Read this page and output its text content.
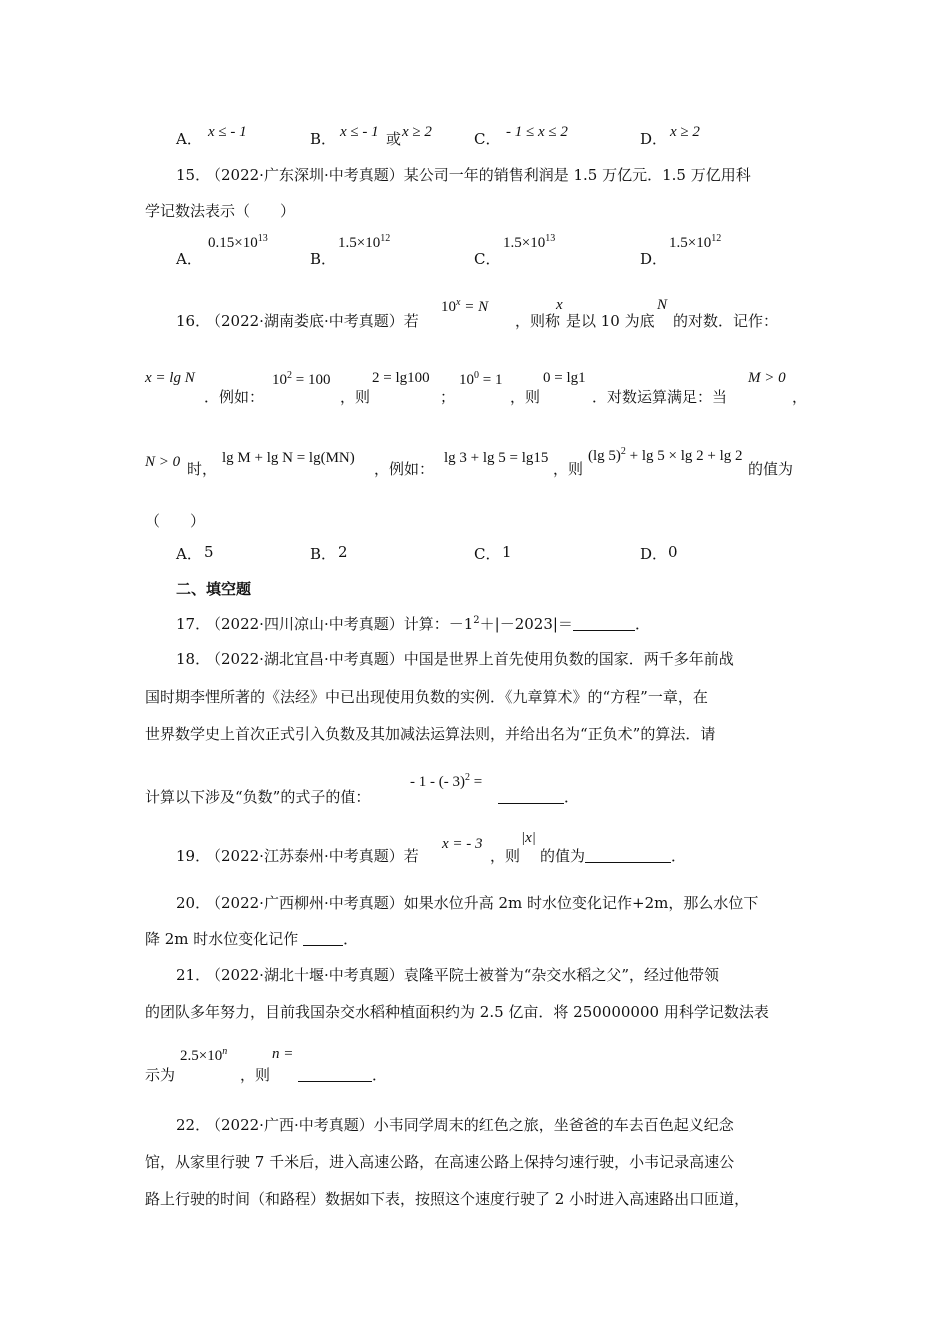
A． x ≤ - 1	B． x ≤ - 1 或 x ≥ 2	C． - 1 ≤ x ≤ 2	D． x ≥ 2
15．
（2022·广东深圳·中考真题）某公司一年的销售利润是 1.5 万亿元．1.5 万亿用科
学记数法表示（　　）
A．
$0.15\times 10^{13}$
B．
$1.5\times 10^{12}$
C．
$1.5\times 10^{13}$
D．
$1.5\times 10^{12}$
16．
（2022·湖南娄底·中考真题）若
$10^x = N$
，则称
x
是以 10 为底
N
的对数．记作：
x = lg N
．例如：
$10^2 = 100$
，则
2 = lg100
；
$10^0 = 1$
，则
0 = lg1
．对数运算满足：当
M > 0
，
N > 0 时，
lg M + lg N = lg(MN)
，例如：
lg 3 + lg 5 = lg15
，则
(lg 5)$^2$ + lg 5 × lg 2 + lg 2
的值为
（　　）
A． 5	B． 2	C． 1	D． 0
二、填空题
17．
（2022·四川凉山·中考真题）计算：$-1^2+|-2023|=$	．
18．
（2022·湖北宜昌·中考真题）中国是世界上首先使用负数的国家．两千多年前战
国时期李悝所著的《法经》中已出现使用负数的实例．《九章算术》的“方程”一章，在
世界数学史上首次正式引入负数及其加减法运算法则，并给出名为“正负术”的算法．请
计算以下涉及“负数”的式子的值：
- 1 - (- 3)$^2$ =
．
19．
（2022·江苏泰州·中考真题）若
x = - 3
，则
|x|
的值为	．
20．
（2022·广西柳州·中考真题）如果水位升高 2m 时水位变化记作+2m，那么水位下
降 2m 时水位变化记作	．
21．
（2022·湖北十堰·中考真题）袁隆平院士被誉为“杂交水稻之父”，经过他带领
的团队多年努力，目前我国杂交水稻种植面积约为 2.5 亿亩．将 250000000 用科学记数法表
示为
$2.5\times 10^n$
，则
n =
．
22．
（2022·广西·中考真题）小韦同学周末的红色之旅，坐爸爸的车去百色起义纪念
馆，从家里行驶 7 千米后，进入高速公路，在高速公路上保持匀速行驶，小韦记录高速公
路上行驶的时间（和路程）数据如下表，按照这个速度行驶了 2 小时进入高速路出口匝道，
